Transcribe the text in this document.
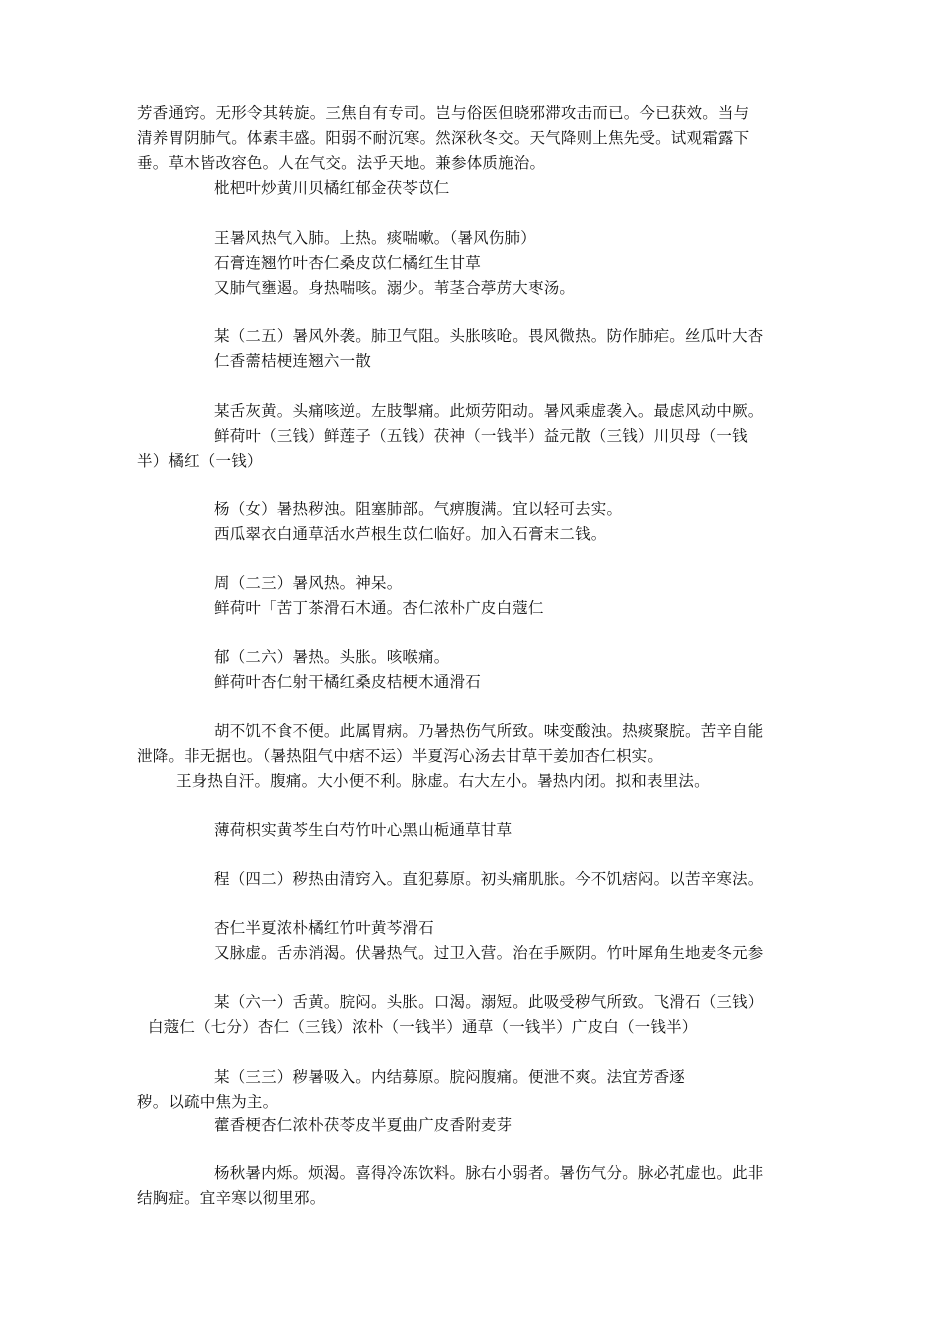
芳香通窍。无形令其转旋。三焦自有专司。岂与俗医但晓邪滞攻击而已。今已获效。当与
清养胃阴肺气。体素丰盛。阳弱不耐沉寒。然深秋冬交。天气降则上焦先受。试观霜露下
垂。草木皆改容色。人在气交。法乎天地。兼参体质施治。
枇杷叶炒黄川贝橘红郁金茯苓苡仁
王暑风热气入肺。上热。痰喘嗽。（暑风伤肺）
石膏连翘竹叶杏仁桑皮苡仁橘红生甘草
又肺气壅遏。身热喘咳。溺少。苇茎合葶苈大枣汤。
某（二五）暑风外袭。肺卫气阻。头胀咳呛。畏风微热。防作肺疟。丝瓜叶大杏
仁香薷桔梗连翘六一散
某舌灰黄。头痛咳逆。左肢掣痛。此烦劳阳动。暑风乘虚袭入。最虑风动中厥。
鲜荷叶（三钱）鲜莲子（五钱）茯神（一钱半）益元散（三钱）川贝母（一钱
半）橘红（一钱）
杨（女）暑热秽浊。阻塞肺部。气痹腹满。宜以轻可去实。
西瓜翠衣白通草活水芦根生苡仁临好。加入石膏末二钱。
周（二三）暑风热。神呆。
鲜荷叶「苦丁茶滑石木通。杏仁浓朴广皮白蔻仁
郁（二六）暑热。头胀。咳喉痛。
鲜荷叶杏仁射干橘红桑皮桔梗木通滑石
胡不饥不食不便。此属胃病。乃暑热伤气所致。味变酸浊。热痰聚脘。苦辛自能
泄降。非无据也。（暑热阻气中痞不运）半夏泻心汤去甘草干姜加杏仁枳实。
王身热自汗。腹痛。大小便不利。脉虚。右大左小。暑热内闭。拟和表里法。
薄荷枳实黄芩生白芍竹叶心黑山栀通草甘草
程（四二）秽热由清窍入。直犯募原。初头痛肌胀。今不饥痞闷。以苦辛寒法。
杏仁半夏浓朴橘红竹叶黄芩滑石
又脉虚。舌赤消渴。伏暑热气。过卫入营。治在手厥阴。竹叶犀角生地麦冬元参
某（六一）舌黄。脘闷。头胀。口渴。溺短。此吸受秽气所致。飞滑石（三钱）
白蔻仁（七分）杏仁（三钱）浓朴（一钱半）通草（一钱半）广皮白（一钱半）
某（三三）秽暑吸入。内结募原。脘闷腹痛。便泄不爽。法宜芳香逐
秽。以疏中焦为主。
藿香梗杏仁浓朴茯苓皮半夏曲广皮香附麦芽
杨秋暑内烁。烦渴。喜得冷冻饮料。脉右小弱者。暑伤气分。脉必芤虚也。此非
结胸症。宜辛寒以彻里邪。
